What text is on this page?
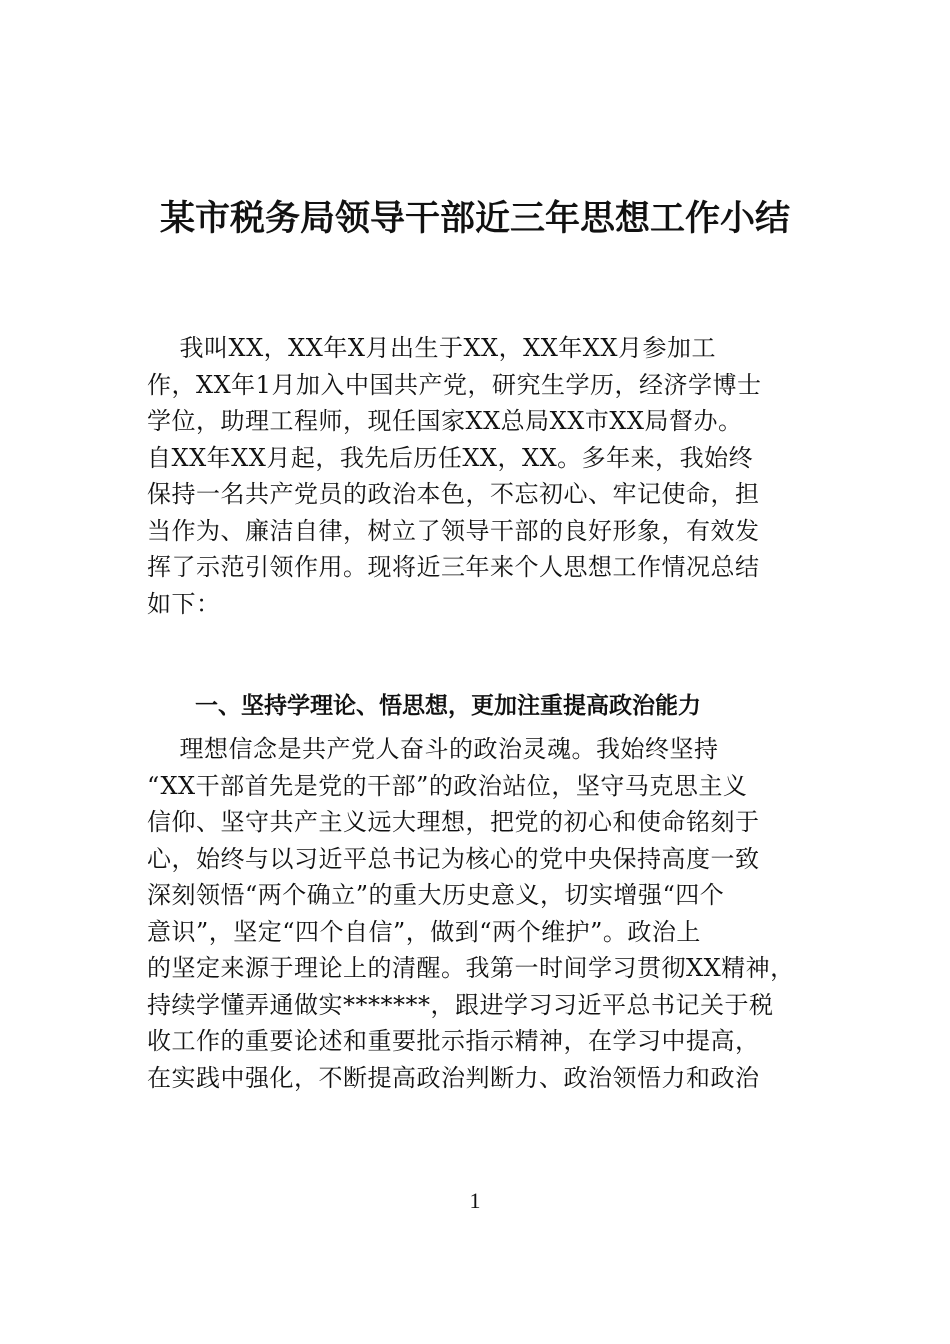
某市税务局领导干部近三年思想工作小结
我叫XX，XX年X月出生于XX，XX年XX月参加工
作，XX年1月加入中国共产党，研究生学历，经济学博士
学位，助理工程师，现任国家XX总局XX市XX局督办。
自XX年XX月起，我先后历任XX，XX。多年来，我始终
保持一名共产党员的政治本色，不忘初心、牢记使命，担
当作为、廉洁自律，树立了领导干部的良好形象，有效发
挥了示范引领作用。现将近三年来个人思想工作情况总结
如下：
一、坚持学理论、悟思想，更加注重提高政治能力
理想信念是共产党人奋斗的政治灵魂。我始终坚持
“XX干部首先是党的干部”的政治站位，坚守马克思主义
信仰、坚守共产主义远大理想，把党的初心和使命铭刻于
心，始终与以习近平总书记为核心的党中央保持高度一致
深刻领悟“两个确立”的重大历史意义，切实增强“四个
意识”，坚定“四个自信”，做到“两个维护”。政治上
的坚定来源于理论上的清醒。我第一时间学习贯彻XX精神，
持续学懂弄通做实*******，跟进学习习近平总书记关于税
收工作的重要论述和重要批示指示精神，在学习中提高，
在实践中强化，不断提高政治判断力、政治领悟力和政治
1
